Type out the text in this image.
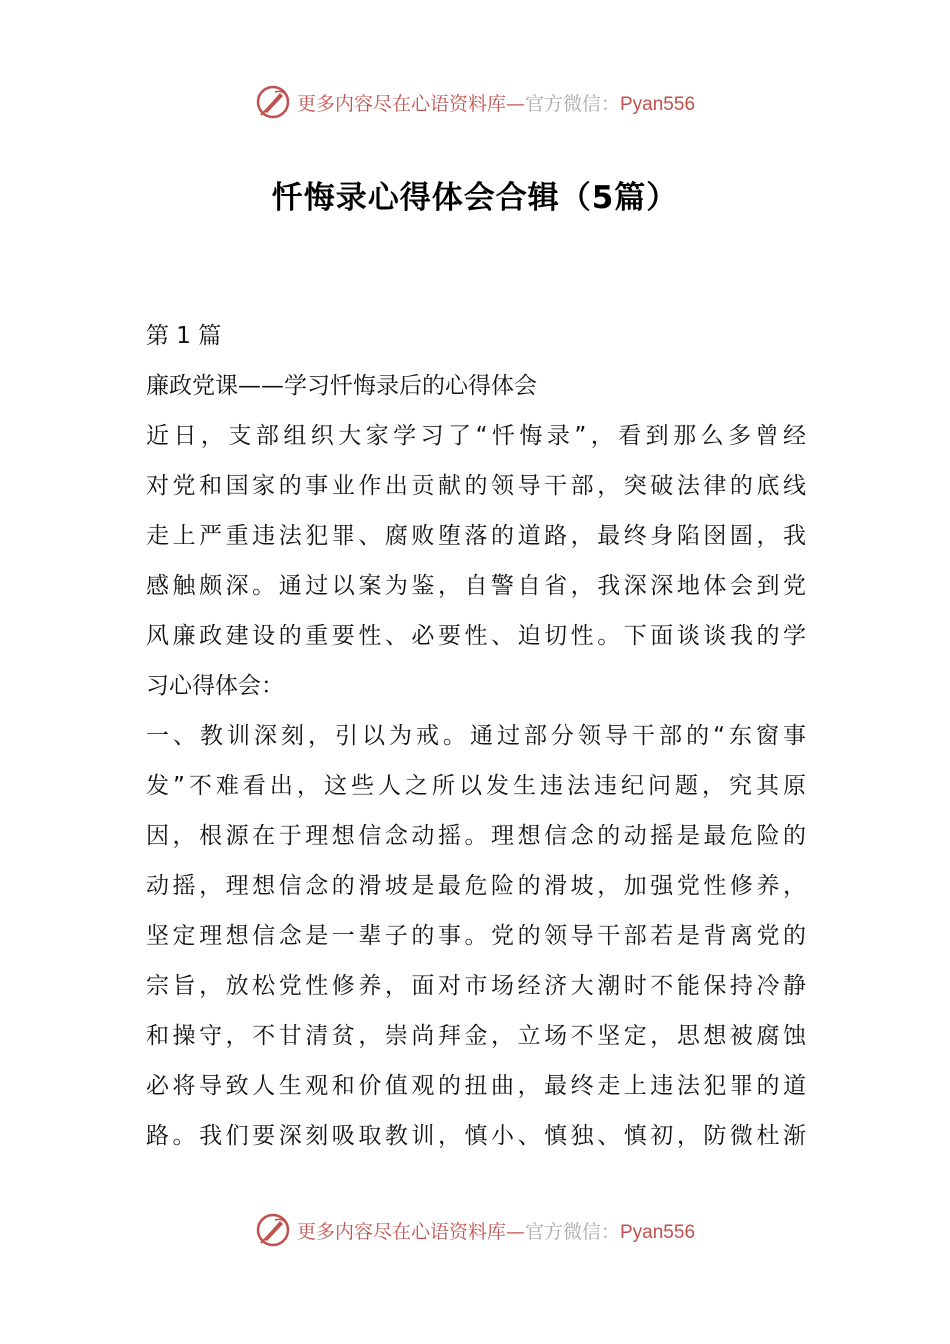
更多内容尽在心语资料库—官方微信：Pyan556
忏悔录心得体会合辑（5篇）
第 1 篇
廉政党课——学习忏悔录后的心得体会
近日，支部组织大家学习了“忏悔录”，看到那么多曾经
对党和国家的事业作出贡献的领导干部，突破法律的底线
走上严重违法犯罪、腐败堕落的道路，最终身陷囹圄，我
感触颇深。通过以案为鉴，自警自省，我深深地体会到党
风廉政建设的重要性、必要性、迫切性。下面谈谈我的学
习心得体会：
一、教训深刻，引以为戒。通过部分领导干部的“东窗事
发”不难看出，这些人之所以发生违法违纪问题，究其原
因，根源在于理想信念动摇。理想信念的动摇是最危险的
动摇，理想信念的滑坡是最危险的滑坡，加强党性修养，
坚定理想信念是一辈子的事。党的领导干部若是背离党的
宗旨，放松党性修养，面对市场经济大潮时不能保持冷静
和操守，不甘清贫，崇尚拜金，立场不坚定，思想被腐蚀
必将导致人生观和价值观的扭曲，最终走上违法犯罪的道
路。我们要深刻吸取教训，慎小、慎独、慎初，防微杜渐
更多内容尽在心语资料库—官方微信：Pyan556
